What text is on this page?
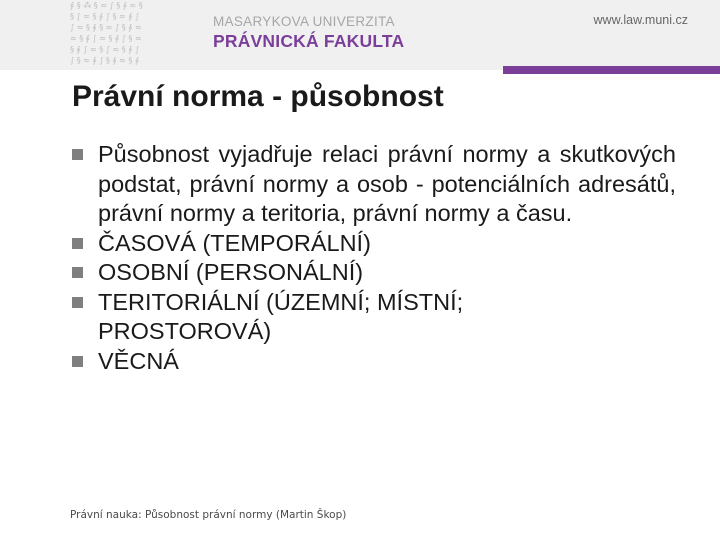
∮ § ⁂ § ≈ ∫ § ∮ ≈ §
§ ∫ ≈ § ∮ ∫ § ≈ ∮ ∫
∫ ≈ § ∮ § ≈ ∫ § ∮ ≈
≈ § ∮ ∫ ≈ § ∮ ∫ § ≈
§ ∮ ∫ ≈ § ∫ ≈ § ∮ ∫
∫ § ≈ ∮ ∫ § ∮ ≈ § ∮
MASARYKOVA UNIVERZITA
PRÁVNICKÁ FAKULTA
www.law.muni.cz
Právní norma - působnost
Působnost vyjadřuje relaci právní normy a skutkových podstat, právní normy a osob - potenciálních adresátů, právní normy a teritoria, právní normy a času.
ČASOVÁ (TEMPORÁLNÍ)
OSOBNÍ (PERSONÁLNÍ)
TERITORIÁLNÍ (ÚZEMNÍ; MÍSTNÍ; PROSTOROVÁ)
VĚCNÁ
Právní nauka: Působnost právní normy (Martin Škop)
